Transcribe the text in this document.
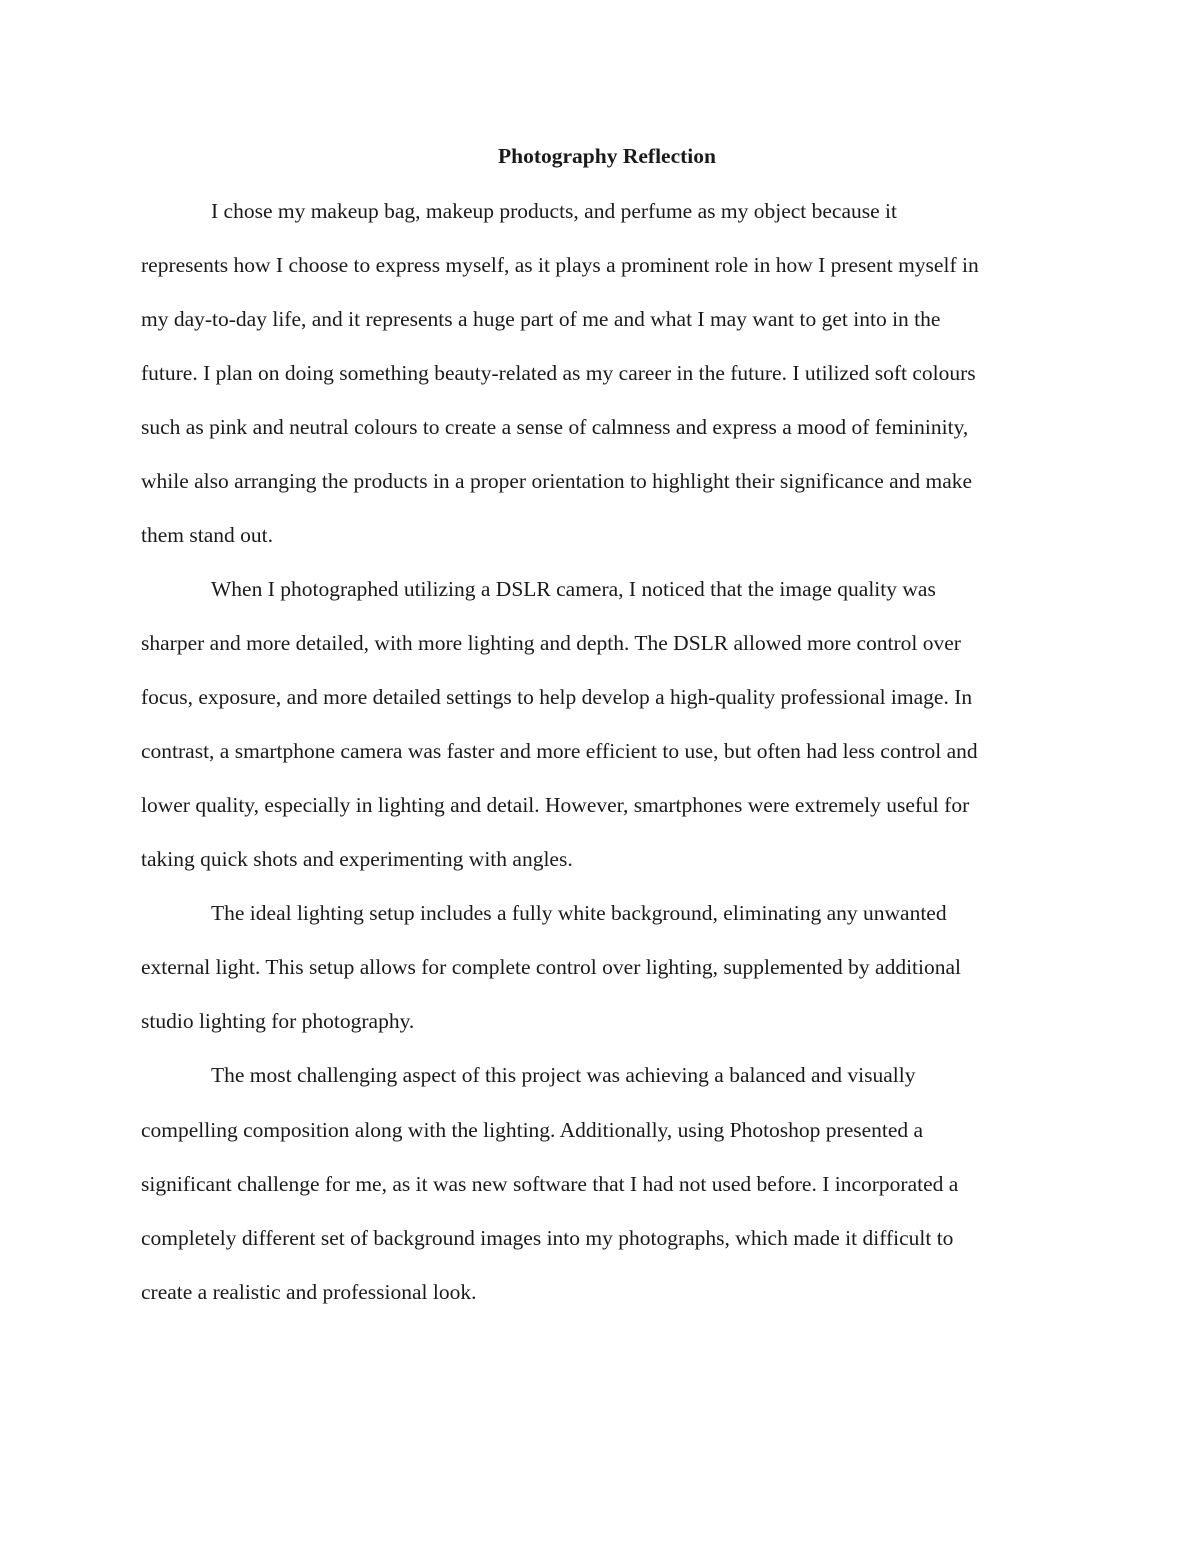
Photography Reflection

I chose my makeup bag, makeup products, and perfume as my object because it

represents how I choose to express myself, as it plays a prominent role in how I present myself in

my day-to-day life, and it represents a huge part of me and what I may want to get into in the

future. I plan on doing something beauty-related as my career in the future. I utilized soft colours

such as pink and neutral colours to create a sense of calmness and express a mood of femininity,

while also arranging the products in a proper orientation to highlight their significance and make

them stand out.

When I photographed utilizing a DSLR camera, I noticed that the image quality was

sharper and more detailed, with more lighting and depth. The DSLR allowed more control over

focus, exposure, and more detailed settings to help develop a high-quality professional image. In

contrast, a smartphone camera was faster and more efficient to use, but often had less control and

lower quality, especially in lighting and detail. However, smartphones were extremely useful for

taking quick shots and experimenting with angles.

The ideal lighting setup includes a fully white background, eliminating any unwanted

external light. This setup allows for complete control over lighting, supplemented by additional

studio lighting for photography.

The most challenging aspect of this project was achieving a balanced and visually

compelling composition along with the lighting. Additionally, using Photoshop presented a

significant challenge for me, as it was new software that I had not used before. I incorporated a

completely different set of background images into my photographs, which made it difficult to

create a realistic and professional look.
